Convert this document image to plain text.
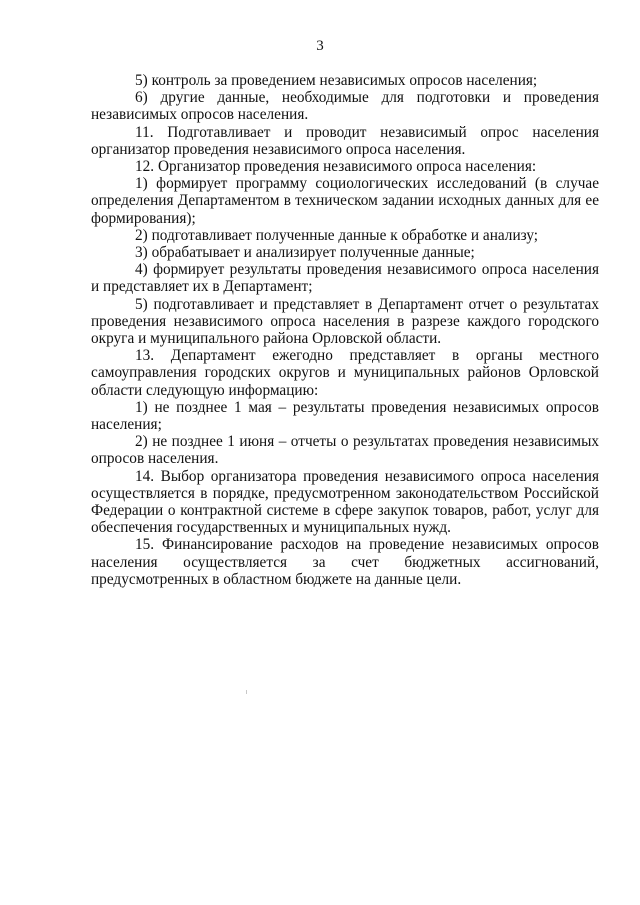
3

5) контроль за проведением независимых опросов населения;

6) другие данные, необходимые для подготовки и проведения независимых опросов населения.

11. Подготавливает и проводит независимый опрос населения организатор проведения независимого опроса населения.

12. Организатор проведения независимого опроса населения:

1) формирует программу социологических исследований (в случае определения Департаментом в техническом задании исходных данных для ее формирования);

2) подготавливает полученные данные к обработке и анализу;

3) обрабатывает и анализирует полученные данные;

4) формирует результаты проведения независимого опроса населения и представляет их в Департамент;

5) подготавливает и представляет в Департамент отчет о результатах проведения независимого опроса населения в разрезе каждого городского округа и муниципального района Орловской области.

13. Департамент ежегодно представляет в органы местного самоуправления городских округов и муниципальных районов Орловской области следующую информацию:

1) не позднее 1 мая – результаты проведения независимых опросов населения;

2) не позднее 1 июня – отчеты о результатах проведения независимых опросов населения.

14. Выбор организатора проведения независимого опроса населения осуществляется в порядке, предусмотренном законодательством Российской Федерации о контрактной системе в сфере закупок товаров, работ, услуг для обеспечения государственных и муниципальных нужд.

15. Финансирование расходов на проведение независимых опросов населения осуществляется за счет бюджетных ассигнований, предусмотренных в областном бюджете на данные цели.
